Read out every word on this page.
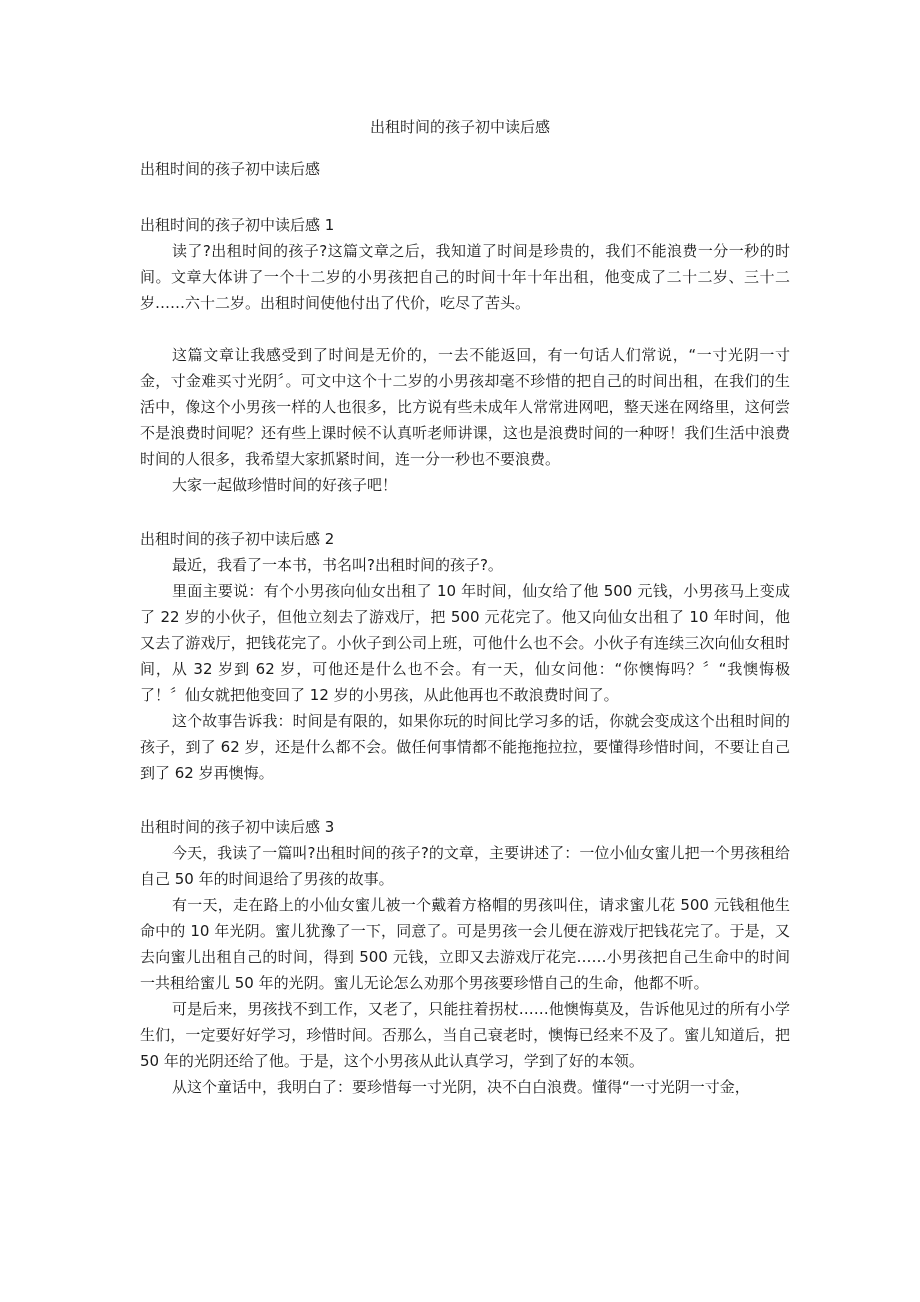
出租时间的孩子初中读后感

出租时间的孩子初中读后感

出租时间的孩子初中读后感 1

读了?出租时间的孩子?这篇文章之后，我知道了时间是珍贵的，我们不能浪费一分一秒的时间。文章大体讲了一个十二岁的小男孩把自己的时间十年十年出租，他变成了二十二岁、三十二岁……六十二岁。出租时间使他付出了代价，吃尽了苦头。

这篇文章让我感受到了时间是无价的，一去不能返回，有一句话人们常说，“一寸光阴一寸金，寸金难买寸光阴〞。可文中这个十二岁的小男孩却毫不珍惜的把自己的时间出租，在我们的生活中，像这个小男孩一样的人也很多，比方说有些未成年人常常进网吧，整天迷在网络里，这何尝不是浪费时间呢？还有些上课时候不认真听老师讲课，这也是浪费时间的一种呀！我们生活中浪费时间的人很多，我希望大家抓紧时间，连一分一秒也不要浪费。

大家一起做珍惜时间的好孩子吧！

出租时间的孩子初中读后感 2

最近，我看了一本书，书名叫?出租时间的孩子?。

里面主要说：有个小男孩向仙女出租了 10 年时间，仙女给了他 500 元钱，小男孩马上变成了 22 岁的小伙子，但他立刻去了游戏厅，把 500 元花完了。他又向仙女出租了 10 年时间，他又去了游戏厅，把钱花完了。小伙子到公司上班，可他什么也不会。小伙子有连续三次向仙女租时间，从 32 岁到 62 岁，可他还是什么也不会。有一天，仙女问他：“你懊悔吗？〞“我懊悔极了！〞仙女就把他变回了 12 岁的小男孩，从此他再也不敢浪费时间了。

这个故事告诉我：时间是有限的，如果你玩的时间比学习多的话，你就会变成这个出租时间的孩子，到了 62 岁，还是什么都不会。做任何事情都不能拖拖拉拉，要懂得珍惜时间，不要让自己到了 62 岁再懊悔。

出租时间的孩子初中读后感 3

今天，我读了一篇叫?出租时间的孩子?的文章，主要讲述了：一位小仙女蜜儿把一个男孩租给自己 50 年的时间退给了男孩的故事。

有一天，走在路上的小仙女蜜儿被一个戴着方格帽的男孩叫住，请求蜜儿花 500 元钱租他生命中的 10 年光阴。蜜儿犹豫了一下，同意了。可是男孩一会儿便在游戏厅把钱花完了。于是，又去向蜜儿出租自己的时间，得到 500 元钱，立即又去游戏厅花完……小男孩把自己生命中的时间一共租给蜜儿 50 年的光阴。蜜儿无论怎么劝那个男孩要珍惜自己的生命，他都不听。

可是后来，男孩找不到工作，又老了，只能拄着拐杖……他懊悔莫及，告诉他见过的所有小学生们，一定要好好学习，珍惜时间。否那么，当自己衰老时，懊悔已经来不及了。蜜儿知道后，把 50 年的光阴还给了他。于是，这个小男孩从此认真学习，学到了好的本领。

从这个童话中，我明白了：要珍惜每一寸光阴，决不白白浪费。懂得“一寸光阴一寸金，
